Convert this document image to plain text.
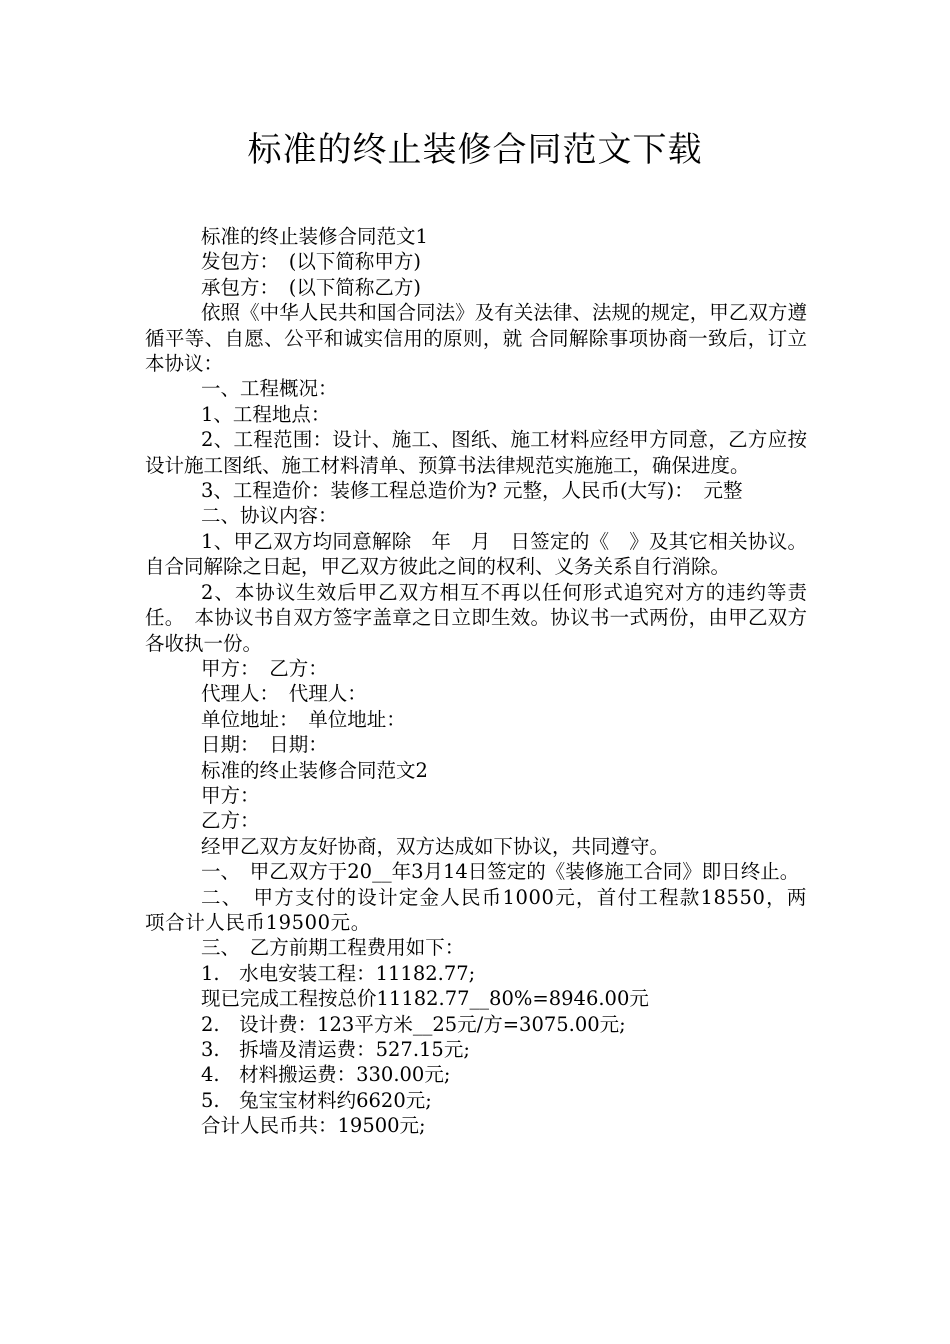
标准的终止装修合同范文下载

标准的终止装修合同范文1

发包方：　(以下简称甲方)

承包方：　(以下简称乙方)

依照《中华人民共和国合同法》及有关法律、法规的规定，甲乙双方遵循平等、自愿、公平和诚实信用的原则，就 合同解除事项协商一致后，订立本协议：

一、工程概况：

1、工程地点：

2、工程范围：设计、施工、图纸、施工材料应经甲方同意，乙方应按设计施工图纸、施工材料清单、预算书法律规范实施施工，确保进度。

3、工程造价：装修工程总造价为? 元整，人民币(大写)：　元整

二、协议内容：

1、甲乙双方均同意解除　年　月　日签定的《　》及其它相关协议。自合同解除之日起，甲乙双方彼此之间的权利、义务关系自行消除。

2、本协议生效后甲乙双方相互不再以任何形式追究对方的违约等责任。　本协议书自双方签字盖章之日立即生效。协议书一式两份，由甲乙双方各收执一份。

甲方：　乙方：

代理人：　代理人：

单位地址：　单位地址：

日期：　日期：

标准的终止装修合同范文2

甲方：

乙方：

经甲乙双方友好协商，双方达成如下协议，共同遵守。

一、　甲乙双方于20__年3月14日签定的《装修施工合同》即日终止。

二、　甲方支付的设计定金人民币1000元，首付工程款18550，两项合计人民币19500元。

三、　乙方前期工程费用如下：

1.　水电安装工程：11182.77;

现已完成工程按总价11182.77__80%=8946.00元

2.　设计费：123平方米__25元/方=3075.00元;

3.　拆墙及清运费：527.15元;

4.　材料搬运费：330.00元;

5.　兔宝宝材料约6620元;

合计人民币共：19500元;
